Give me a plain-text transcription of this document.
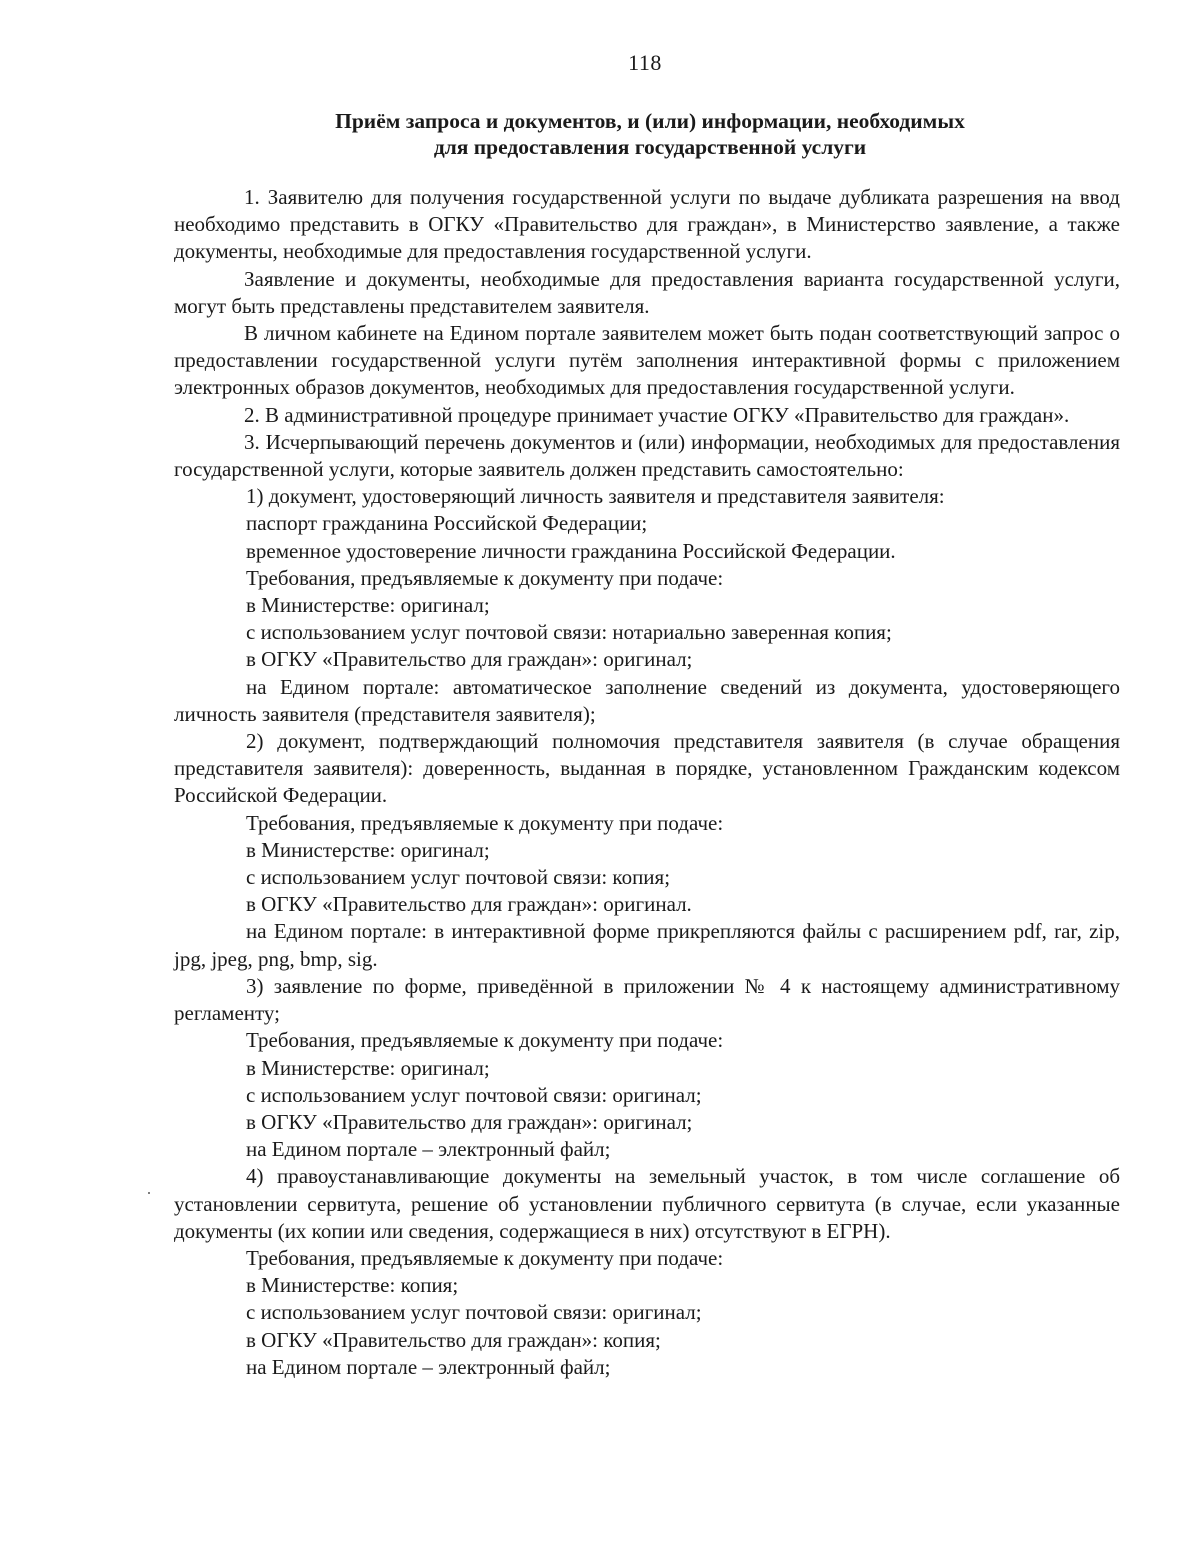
118
Приём запроса и документов, и (или) информации, необходимых
для предоставления государственной услуги

1. Заявителю для получения государственной услуги по выдаче дубликата разрешения на ввод необходимо представить в ОГКУ «Правительство для граждан», в Министерство заявление, а также документы, необходимые для предоставления государственной услуги.

Заявление и документы, необходимые для предоставления варианта государственной услуги, могут быть представлены представителем заявителя.

В личном кабинете на Едином портале заявителем может быть подан соответствующий запрос о предоставлении государственной услуги путём заполнения интерактивной формы с приложением электронных образов документов, необходимых для предоставления государственной услуги.

2. В административной процедуре принимает участие ОГКУ «Правительство для граждан».

3. Исчерпывающий перечень документов и (или) информации, необходимых для предоставления государственной услуги, которые заявитель должен представить самостоятельно:

1) документ, удостоверяющий личность заявителя и представителя заявителя:

паспорт гражданина Российской Федерации;

временное удостоверение личности гражданина Российской Федерации.

Требования, предъявляемые к документу при подаче:

в Министерстве: оригинал;

с использованием услуг почтовой связи: нотариально заверенная копия;

в ОГКУ «Правительство для граждан»: оригинал;

на Едином портале: автоматическое заполнение сведений из документа, удостоверяющего личность заявителя (представителя заявителя);

2) документ, подтверждающий полномочия представителя заявителя (в случае обращения представителя заявителя): доверенность, выданная в порядке, установленном Гражданским кодексом Российской Федерации.

Требования, предъявляемые к документу при подаче:

в Министерстве: оригинал;

с использованием услуг почтовой связи: копия;

в ОГКУ «Правительство для граждан»: оригинал.

на Едином портале: в интерактивной форме прикрепляются файлы с расширением pdf, rar, zip, jpg, jpeg, png, bmp, sig.

3) заявление по форме, приведённой в приложении № 4 к настоящему административному регламенту;

Требования, предъявляемые к документу при подаче:

в Министерстве: оригинал;

с использованием услуг почтовой связи: оригинал;

в ОГКУ «Правительство для граждан»: оригинал;

на Едином портале – электронный файл;

4) правоустанавливающие документы на земельный участок, в том числе соглашение об установлении сервитута, решение об установлении публичного сервитута (в случае, если указанные документы (их копии или сведения, содержащиеся в них) отсутствуют в ЕГРН).

Требования, предъявляемые к документу при подаче:

в Министерстве: копия;

с использованием услуг почтовой связи: оригинал;

в ОГКУ «Правительство для граждан»: копия;

на Едином портале – электронный файл;
